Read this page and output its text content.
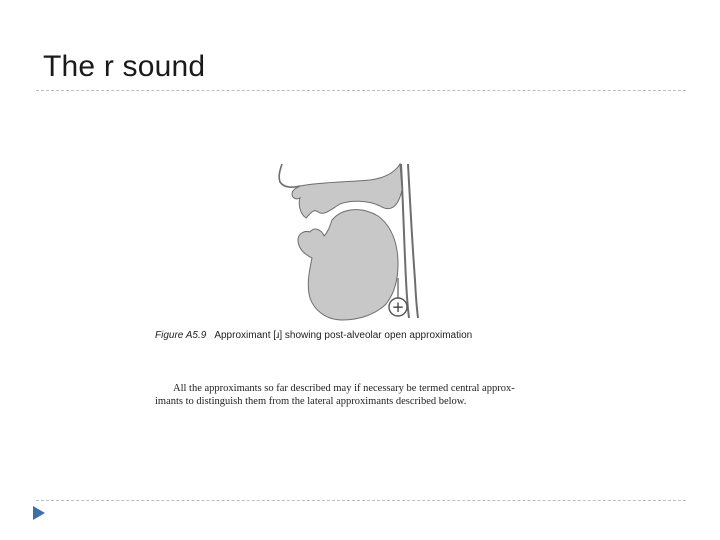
The r sound
+
Figure A5.9 Approximant [ɹ] showing post-alveolar open approximation
All the approximants so far described may if necessary be termed central approx-
imants to distinguish them from the lateral approximants described below.
